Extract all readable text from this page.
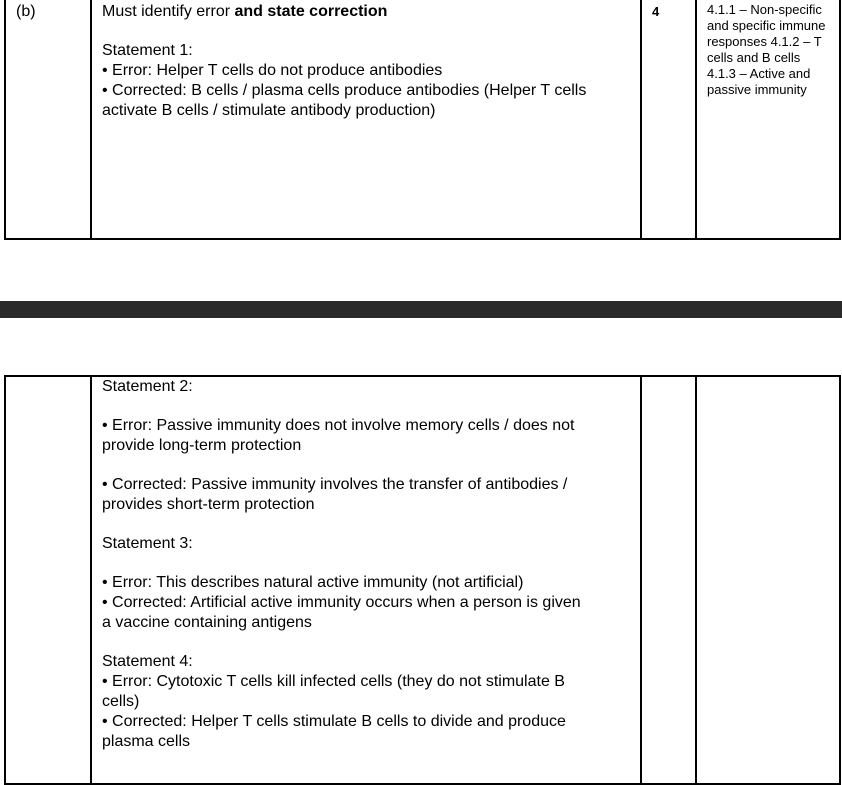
(b)	Must identify error and state correction
Statement 1:
• Error: Helper T cells do not produce antibodies
• Corrected: B cells / plasma cells produce antibodies (Helper T cells
activate B cells / stimulate antibody production)
4	4.1.1 – Non-specific
and specific immune
responses 4.1.2 – T
cells and B cells
4.1.3 – Active and
passive immunity
Statement 2:
• Error: Passive immunity does not involve memory cells / does not
provide long-term protection
• Corrected: Passive immunity involves the transfer of antibodies /
provides short-term protection
Statement 3:
• Error: This describes natural active immunity (not artificial)
• Corrected: Artificial active immunity occurs when a person is given
a vaccine containing antigens
Statement 4:
• Error: Cytotoxic T cells kill infected cells (they do not stimulate B
cells)
• Corrected: Helper T cells stimulate B cells to divide and produce
plasma cells
